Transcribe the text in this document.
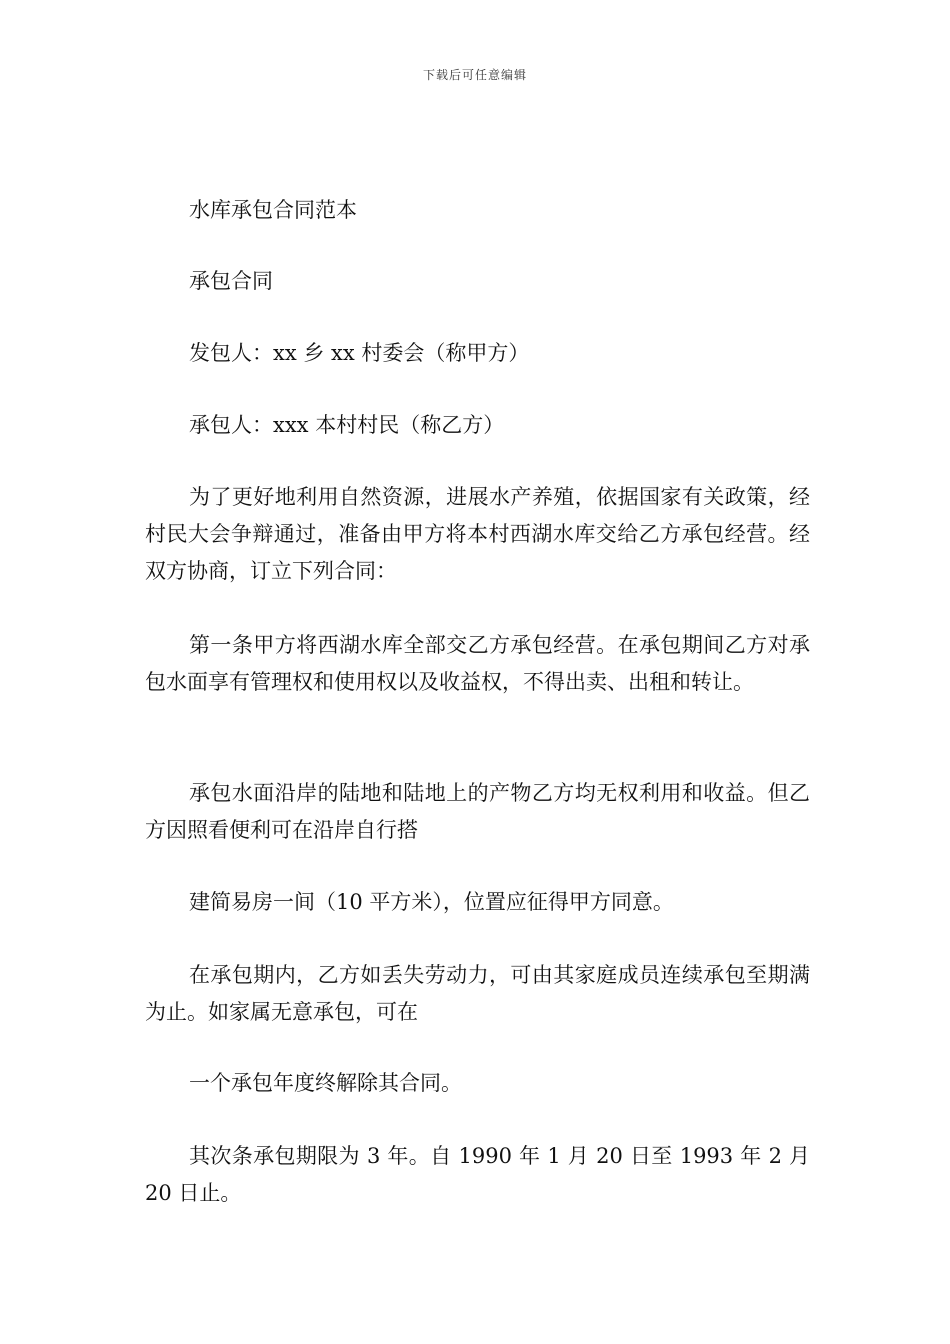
下载后可任意编辑

水库承包合同范本

承包合同

发包人：xx 乡 xx 村委会（称甲方）

承包人：xxx 本村村民（称乙方）

为了更好地利用自然资源，进展水产养殖，依据国家有关政策，经村民大会争辩通过，准备由甲方将本村西湖水库交给乙方承包经营。经双方协商，订立下列合同：

第一条甲方将西湖水库全部交乙方承包经营。在承包期间乙方对承包水面享有管理权和使用权以及收益权，不得出卖、出租和转让。

承包水面沿岸的陆地和陆地上的产物乙方均无权利用和收益。但乙方因照看便利可在沿岸自行搭

建简易房一间（10 平方米），位置应征得甲方同意。

在承包期内，乙方如丢失劳动力，可由其家庭成员连续承包至期满为止。如家属无意承包，可在

一个承包年度终解除其合同。

其次条承包期限为 3 年。自 1990 年 1 月 20 日至 1993 年 2 月 20 日止。
